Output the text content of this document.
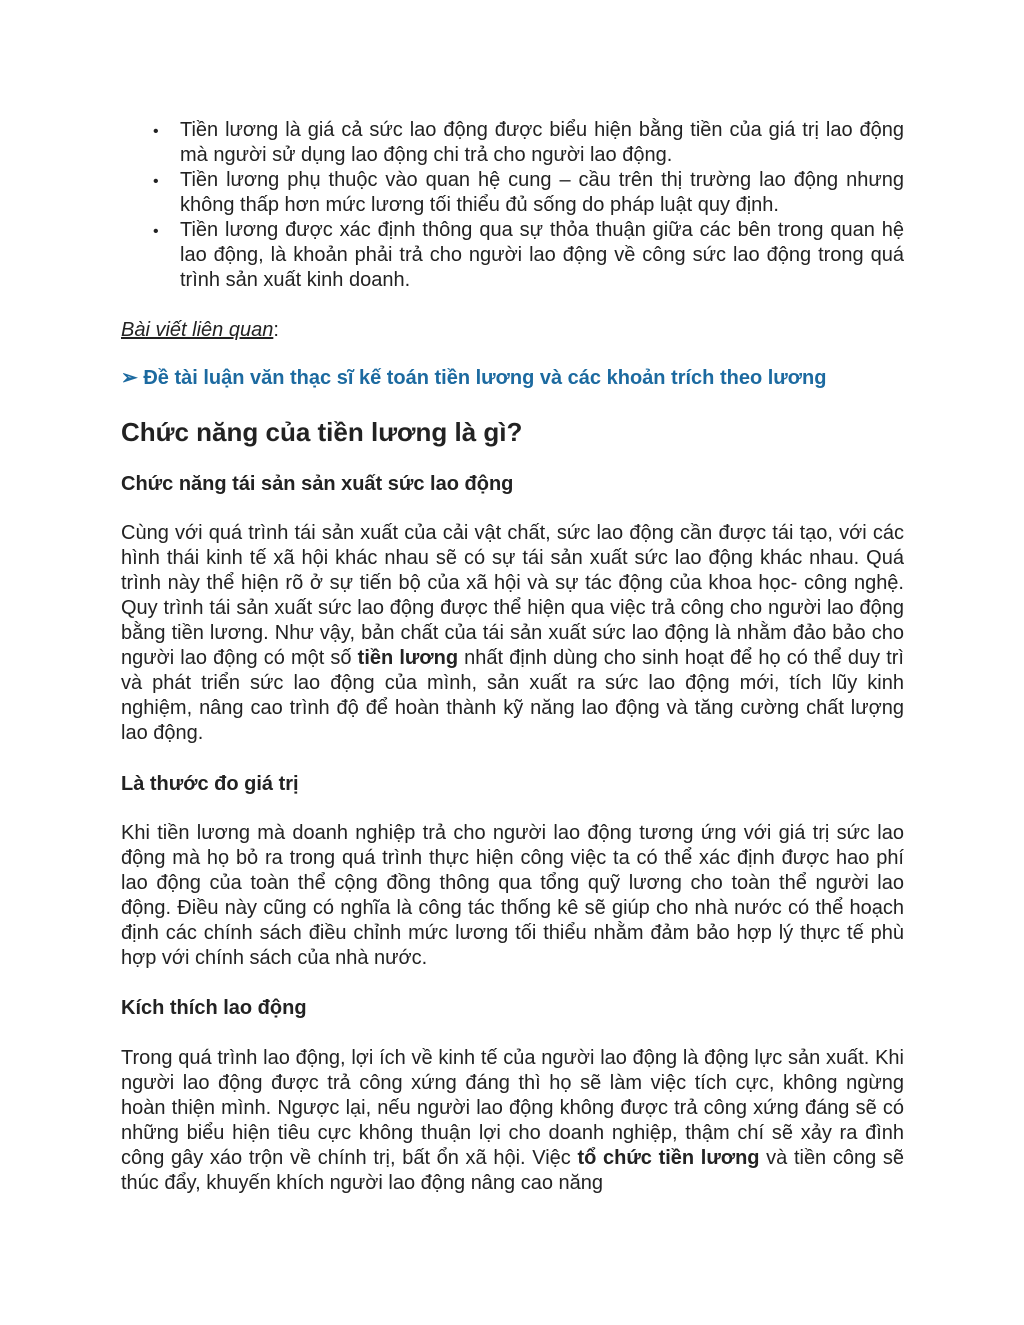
• Tiền lương là giá cả sức lao động được biểu hiện bằng tiền của giá trị lao động mà người sử dụng lao động chi trả cho người lao động.
• Tiền lương phụ thuộc vào quan hệ cung – cầu trên thị trường lao động nhưng không thấp hơn mức lương tối thiểu đủ sống do pháp luật quy định.
• Tiền lương được xác định thông qua sự thỏa thuận giữa các bên trong quan hệ lao động, là khoản phải trả cho người lao động về công sức lao động trong quá trình sản xuất kinh doanh.
Bài viết liên quan:
➢ Đề tài luận văn thạc sĩ kế toán tiền lương và các khoản trích theo lương
Chức năng của tiền lương là gì?
Chức năng tái sản sản xuất sức lao động

Cùng với quá trình tái sản xuất của cải vật chất, sức lao động cần được tái tạo, với các hình thái kinh tế xã hội khác nhau sẽ có sự tái sản xuất sức lao động khác nhau. Quá trình này thể hiện rõ ở sự tiến bộ của xã hội và sự tác động của khoa học- công nghệ. Quy trình tái sản xuất sức lao động được thể hiện qua việc trả công cho người lao động bằng tiền lương. Như vậy, bản chất của tái sản xuất sức lao động là nhằm đảo bảo cho người lao động có một số tiền lương nhất định dùng cho sinh hoạt để họ có thể duy trì và phát triển sức lao động của mình, sản xuất ra sức lao động mới, tích lũy kinh nghiệm, nâng cao trình độ để hoàn thành kỹ năng lao động và tăng cường chất lượng lao động.

Là thước đo giá trị

Khi tiền lương mà doanh nghiệp trả cho người lao động tương ứng với giá trị sức lao động mà họ bỏ ra trong quá trình thực hiện công việc ta có thể xác định được hao phí lao động của toàn thể cộng đồng thông qua tổng quỹ lương cho toàn thể người lao động. Điều này cũng có nghĩa là công tác thống kê sẽ giúp cho nhà nước có thể hoạch định các chính sách điều chỉnh mức lương tối thiểu nhằm đảm bảo hợp lý thực tế phù hợp với chính sách của nhà nước.

Kích thích lao động

Trong quá trình lao động, lợi ích về kinh tế của người lao động là động lực sản xuất. Khi người lao động được trả công xứng đáng thì họ sẽ làm việc tích cực, không ngừng hoàn thiện mình. Ngược lại, nếu người lao động không được trả công xứng đáng sẽ có những biểu hiện tiêu cực không thuận lợi cho doanh nghiệp, thậm chí sẽ xảy ra đình công gây xáo trộn về chính trị, bất ổn xã hội. Việc tổ chức tiền lương và tiền công sẽ thúc đẩy, khuyến khích người lao động nâng cao năng
